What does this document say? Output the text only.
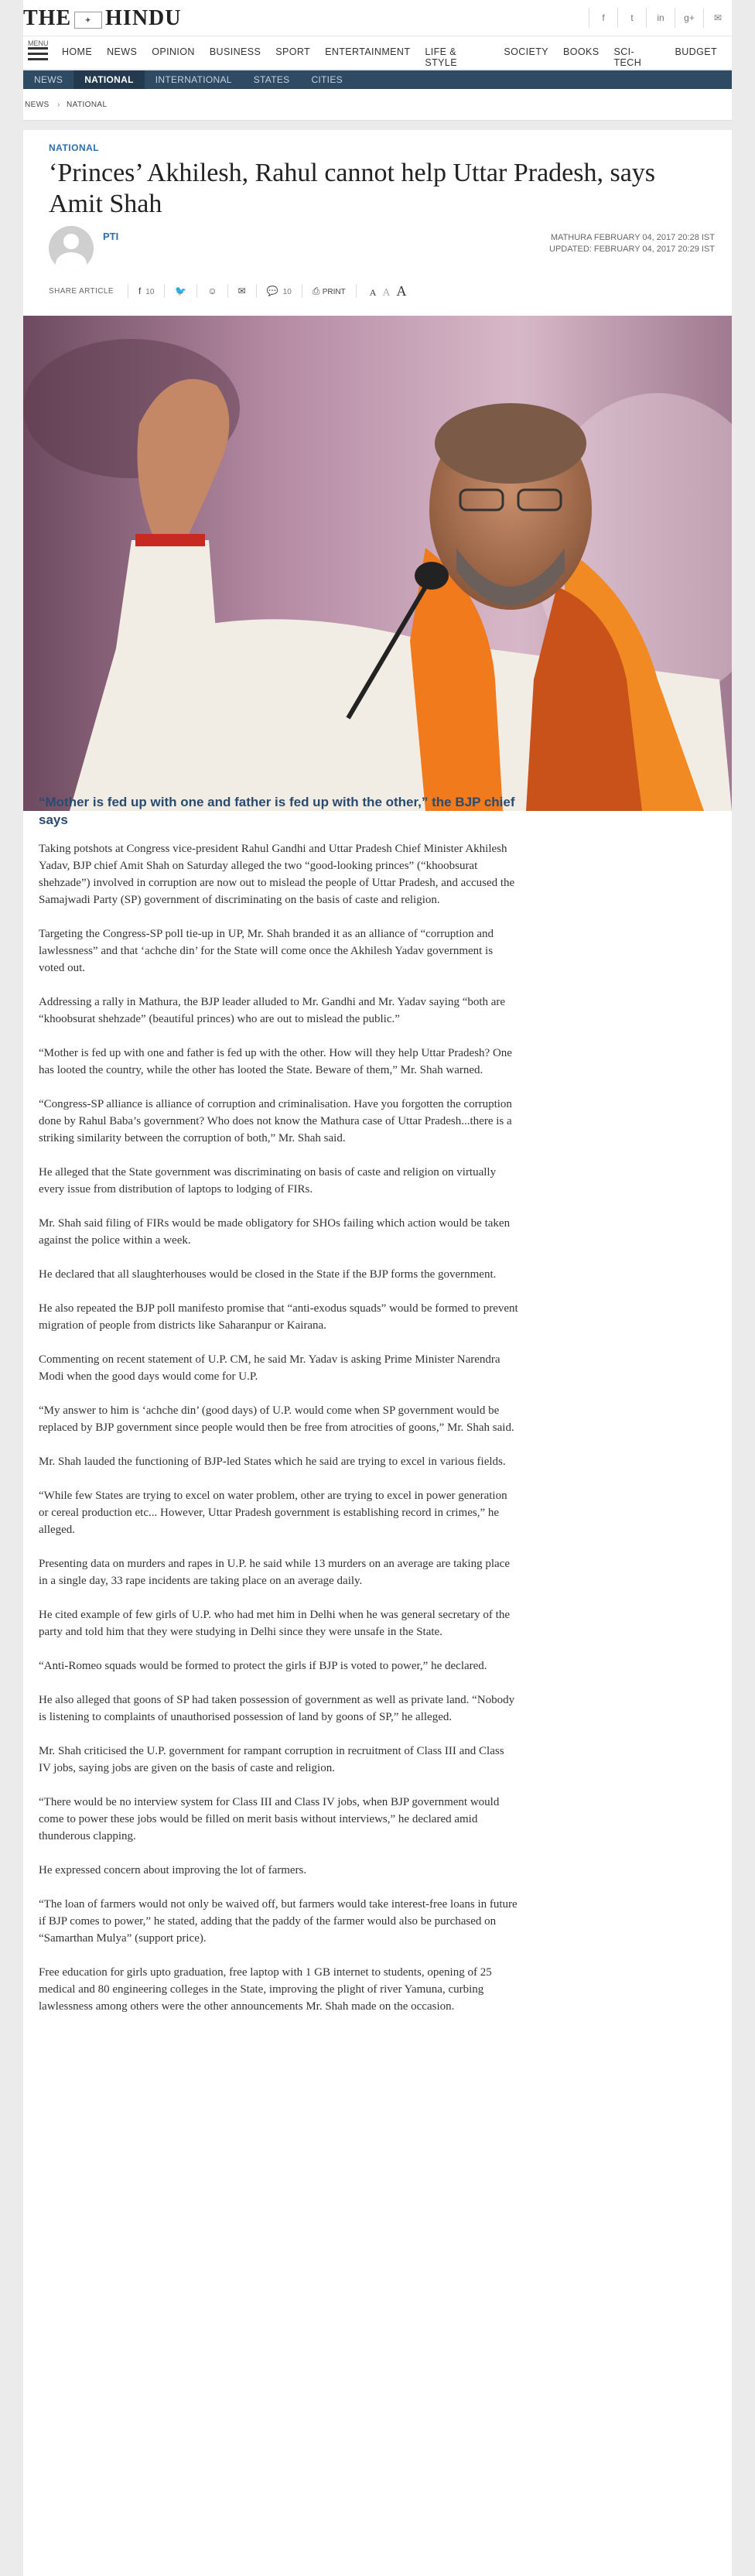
THE ✦ HINDU	f	t	in	g+	✉
MENU
HOME NEWS OPINION BUSINESS SPORT ENTERTAINMENT LIFE & STYLE
SOCIETY BOOKS SCI-TECH
BUDGET
NEWS NATIONAL INTERNATIONAL STATES CITIES
NEWS › NATIONAL
NATIONAL
‘Princes’ Akhilesh, Rahul cannot help Uttar Pradesh, says Amit Shah
PTI	MATHURA FEBRUARY 04, 2017 20:28 IST
UPDATED: FEBRUARY 04, 2017 20:29 IST
SHARE ARTICLE	f 10	🐦	☺	✉	💬 10	⎙ PRINT	A A A
“Mother is fed up with one and father is fed up with the other,” the BJP chief says

Taking potshots at Congress vice-president Rahul Gandhi and Uttar Pradesh Chief Minister Akhilesh Yadav, BJP chief Amit Shah on Saturday alleged the two “good-looking princes” (“khoobsurat shehzade”) involved in corruption are now out to mislead the people of Uttar Pradesh, and accused the Samajwadi Party (SP) government of discriminating on the basis of caste and religion.

Targeting the Congress-SP poll tie-up in UP, Mr. Shah branded it as an alliance of “corruption and lawlessness” and that ‘achche din’ for the State will come once the Akhilesh Yadav government is voted out.

Addressing a rally in Mathura, the BJP leader alluded to Mr. Gandhi and Mr. Yadav saying “both are “khoobsurat shehzade” (beautiful princes) who are out to mislead the public.”

“Mother is fed up with one and father is fed up with the other. How will they help Uttar Pradesh? One has looted the country, while the other has looted the State. Beware of them,” Mr. Shah warned.

“Congress-SP alliance is alliance of corruption and criminalisation. Have you forgotten the corruption done by Rahul Baba’s government? Who does not know the Mathura case of Uttar Pradesh...there is a striking similarity between the corruption of both,” Mr. Shah said.

He alleged that the State government was discriminating on basis of caste and religion on virtually every issue from distribution of laptops to lodging of FIRs.

Mr. Shah said filing of FIRs would be made obligatory for SHOs failing which action would be taken against the police within a week.

He declared that all slaughterhouses would be closed in the State if the BJP forms the government.

He also repeated the BJP poll manifesto promise that “anti-exodus squads” would be formed to prevent migration of people from districts like Saharanpur or Kairana.

Commenting on recent statement of U.P. CM, he said Mr. Yadav is asking Prime Minister Narendra Modi when the good days would come for U.P.

“My answer to him is ‘achche din’ (good days) of U.P. would come when SP government would be replaced by BJP government since people would then be free from atrocities of goons,” Mr. Shah said.

Mr. Shah lauded the functioning of BJP-led States which he said are trying to excel in various fields.

“While few States are trying to excel on water problem, other are trying to excel in power generation or cereal production etc... However, Uttar Pradesh government is establishing record in crimes,” he alleged.

Presenting data on murders and rapes in U.P. he said while 13 murders on an average are taking place in a single day, 33 rape incidents are taking place on an average daily.

He cited example of few girls of U.P. who had met him in Delhi when he was general secretary of the party and told him that they were studying in Delhi since they were unsafe in the State.

“Anti-Romeo squads would be formed to protect the girls if BJP is voted to power,” he declared.

He also alleged that goons of SP had taken possession of government as well as private land. “Nobody is listening to complaints of unauthorised possession of land by goons of SP,” he alleged.

Mr. Shah criticised the U.P. government for rampant corruption in recruitment of Class III and Class IV jobs, saying jobs are given on the basis of caste and religion.

“There would be no interview system for Class III and Class IV jobs, when BJP government would come to power these jobs would be filled on merit basis without interviews,” he declared amid thunderous clapping.

He expressed concern about improving the lot of farmers.

“The loan of farmers would not only be waived off, but farmers would take interest-free loans in future if BJP comes to power,” he stated, adding that the paddy of the farmer would also be purchased on “Samarthan Mulya” (support price).

Free education for girls upto graduation, free laptop with 1 GB internet to students, opening of 25 medical and 80 engineering colleges in the State, improving the plight of river Yamuna, curbing lawlessness among others were the other announcements Mr. Shah made on the occasion.
